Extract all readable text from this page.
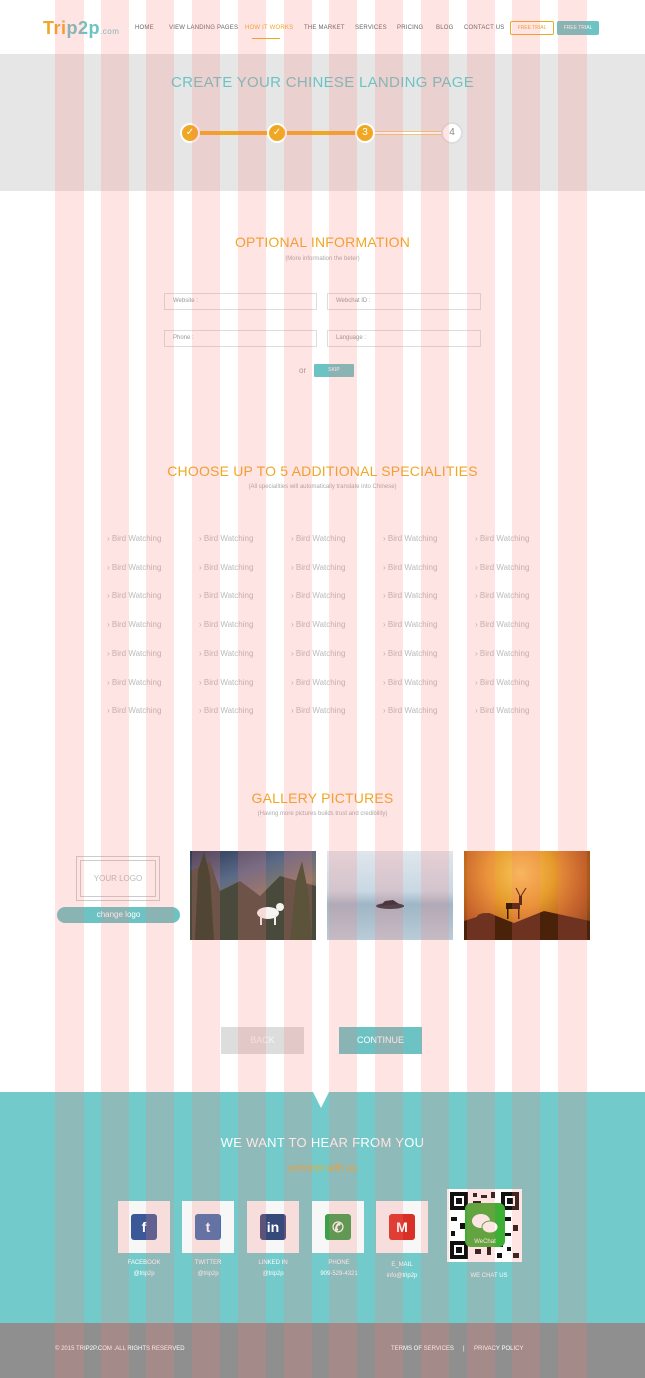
Trip2p.com	HOME	VIEW LANDING PAGES HOW IT WORKS THE MARKET SERVICES PRICING BLOG CONTACT US	FREE TRIAL	FREE TRIAL
CREATE YOUR CHINESE LANDING PAGE
✓	✓	3	4
OPTIONAL INFORMATION
(More information the beter)
Website :	Webchat ID :
Phone :	Language :
or	SKIP
CHOOSE UP TO 5 ADDITIONAL SPECIALITIES
(All specialities will automatically translate into Chinese)
› Bird Watching	› Bird Watching	› Bird Watching	› Bird Watching	› Bird Watching
› Bird Watching	› Bird Watching	› Bird Watching	› Bird Watching	› Bird Watching
› Bird Watching	› Bird Watching	› Bird Watching	› Bird Watching	› Bird Watching
› Bird Watching	› Bird Watching	› Bird Watching	› Bird Watching	› Bird Watching
› Bird Watching	› Bird Watching	› Bird Watching	› Bird Watching	› Bird Watching
› Bird Watching	› Bird Watching	› Bird Watching	› Bird Watching	› Bird Watching
› Bird Watching	› Bird Watching	› Bird Watching	› Bird Watching	› Bird Watching
GALLERY PICTURES
(Having more pictures builds trust and credibility)
YOUR LOGO
change logo
BACK	CONTINUE
WE WANT TO HEAR FROM YOU
connect with us
f
FACEBOOK
@trip2p
t
TWITTER
@trip2p
in
LINKED IN
@trip2p
✆
PHONE
909-529-4321
M
E_MAIL
info@trip2p
WeChat
WE CHAT US
© 2015 TRIP2P.COM .ALL RIGHTS RESERVED	TERMS OF SERVICES | PRIVACY POLICY
